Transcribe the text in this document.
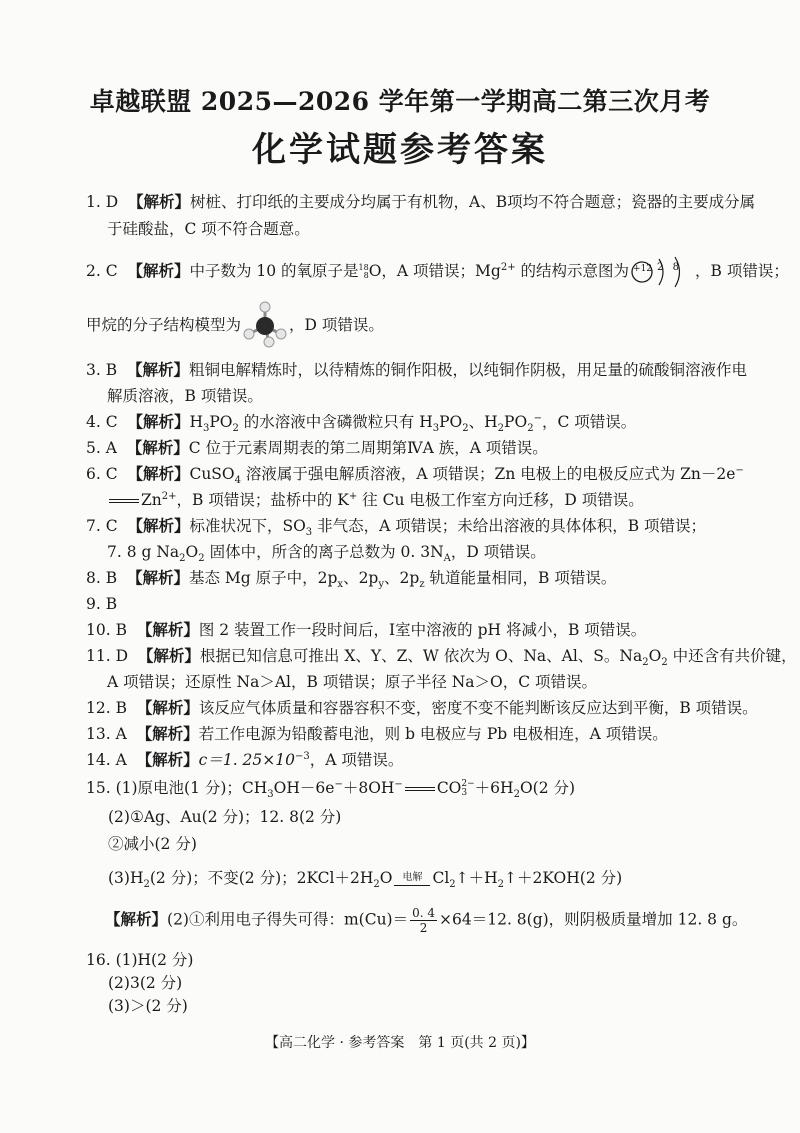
卓越联盟 2025—2026 学年第一学期高二第三次月考
化学试题参考答案
1. D 【解析】树桩、打印纸的主要成分均属于有机物，A、B项均不符合题意；瓷器的主要成分属
于硅酸盐，C 项不符合题意。
2. C 【解析】中子数为 10 的氧原子是 18
8 O，A 项错误；$Mg^{2+}$ 的结构示意图为 +12 2 8 ，B 项错误；
甲烷的分子结构模型为	，D 项错误。
3. B 【解析】粗铜电解精炼时，以待精炼的铜作阳极，以纯铜作阴极，用足量的硫酸铜溶液作电
解质溶液，B 项错误。
4. C 【解析】$H_3PO_2$ 的水溶液中含磷微粒只有 $H_3PO_2$、$H_2PO_2^-$，C 项错误。
5. A 【解析】C 位于元素周期表的第二周期第ⅣA 族，A 项错误。
6. C 【解析】CuSO$_4$ 溶液属于强电解质溶液，A 项错误；Zn 电极上的电极反应式为 Zn－2e−
$Zn^{2+}$，B 项错误；盐桥中的 K+ 往 Cu 电极工作室方向迁移，D 项错误。
7. C 【解析】标准状况下，$SO_3$ 非气态，A 项错误；未给出溶液的具体体积，B 项错误；
7. 8 g $Na_2O_2$ 固体中，所含的离子总数为 0. $3N_A$，D 项错误。
8. B 【解析】基态 Mg 原子中，$2p_x$、$2p_y$、$2p_z$ 轨道能量相同，B 项错误。
9. B
10. B 【解析】图 2 装置工作一段时间后，Ⅰ室中溶液的 pH 将减小，B 项错误。
11. D 【解析】根据已知信息可推出 X、Y、Z、W 依次为 O、Na、Al、S。$Na_2O_2$ 中还含有共价键，
A 项错误；还原性 Na＞Al，B 项错误；原子半径 Na＞O，C 项错误。
12. B 【解析】该反应气体质量和容器容积不变，密度不变不能判断该反应达到平衡，B 项错误。
13. A 【解析】若工作电源为铅酸蓄电池，则 b 电极应与 Pb 电极相连，A 项错误。
14. A 【解析】c＝1. $25\times 10^{-3}$，A 项错误。
15. (1)原电池(1 分)；$CH_3OH-6e^-+8OH^-$ CO 2−
$3 +6H_2O(2$ 分)
(2)①Ag、Au(2 分)；12. 8(2 分)
②减小(2 分)
$(3)H_2(2$ 分)；不变(2 分)；$2KCl+2H_2O$	电解 $Cl_2↑+H_2↑+2KOH(2$ 分)
【解析】(2)①利用电子得失可得：$m(Cu)= \frac{0. 4}{2} \times 64=12$. 8(g)，则阴极质量增加 12. 8 g。
16. (1)H(2 分)
(2)3(2 分)
(3)＞(2 分)
【高二化学 · 参考答案　第 1 页(共 2 页)】
